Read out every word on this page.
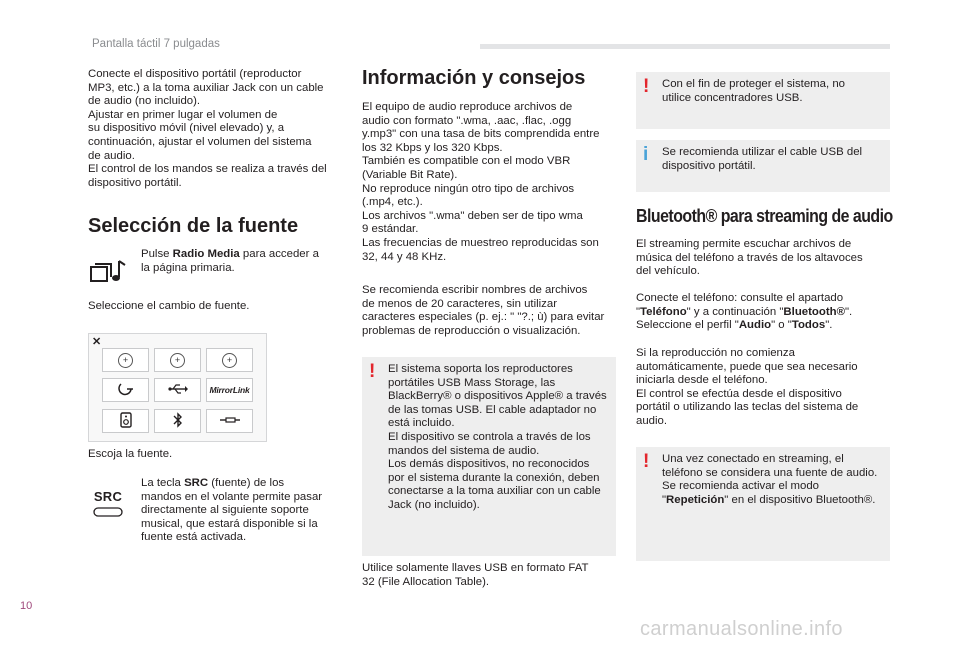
Pantalla táctil 7 pulgadas

Conecte el dispositivo portátil (reproductor
MP3, etc.) a la toma auxiliar Jack con un cable
de audio (no incluido).
Ajustar en primer lugar el volumen de
su dispositivo móvil (nivel elevado) y, a
continuación, ajustar el volumen del sistema
de audio.
El control de los mandos se realiza a través del
dispositivo portátil.

Selección de la fuente

Pulse Radio Media para acceder a
la página primaria.

Seleccione el cambio de fuente.

✕
+	+	+
MirrorLink

Escoja la fuente.

SRC

La tecla SRC (fuente) de los
mandos en el volante permite pasar
directamente al siguiente soporte
musical, que estará disponible si la
fuente está activada.

Información y consejos

El equipo de audio reproduce archivos de
audio con formato ".wma, .aac, .flac, .ogg
y.mp3" con una tasa de bits comprendida entre
los 32 Kbps y los 320 Kbps.
También es compatible con el modo VBR
(Variable Bit Rate).
No reproduce ningún otro tipo de archivos
(.mp4, etc.).
Los archivos ".wma" deben ser de tipo wma
9 estándar.
Las frecuencias de muestreo reproducidas son
32, 44 y 48 KHz.

Se recomienda escribir nombres de archivos
de menos de 20 caracteres, sin utilizar
caracteres especiales (p. ej.: " "?.; ù) para evitar
problemas de reproducción o visualización.

! El sistema soporta los reproductores
portátiles USB Mass Storage, las
BlackBerry® o dispositivos Apple® a través
de las tomas USB. El cable adaptador no
está incluido.
El dispositivo se controla a través de los
mandos del sistema de audio.
Los demás dispositivos, no reconocidos
por el sistema durante la conexión, deben
conectarse a la toma auxiliar con un cable
Jack (no incluido).

Utilice solamente llaves USB en formato FAT
32 (File Allocation Table).

! Con el fin de proteger el sistema, no
utilice concentradores USB.

i Se recomienda utilizar el cable USB del
dispositivo portátil.

Bluetooth® para streaming de audio

El streaming permite escuchar archivos de
música del teléfono a través de los altavoces
del vehículo.

Conecte el teléfono: consulte el apartado
"Teléfono" y a continuación "Bluetooth®".
Seleccione el perfil "Audio" o "Todos".

Si la reproducción no comienza
automáticamente, puede que sea necesario
iniciarla desde el teléfono.
El control se efectúa desde el dispositivo
portátil o utilizando las teclas del sistema de
audio.

! Una vez conectado en streaming, el
teléfono se considera una fuente de audio.
Se recomienda activar el modo
"Repetición" en el dispositivo Bluetooth®.

10
carmanualsonline.info
